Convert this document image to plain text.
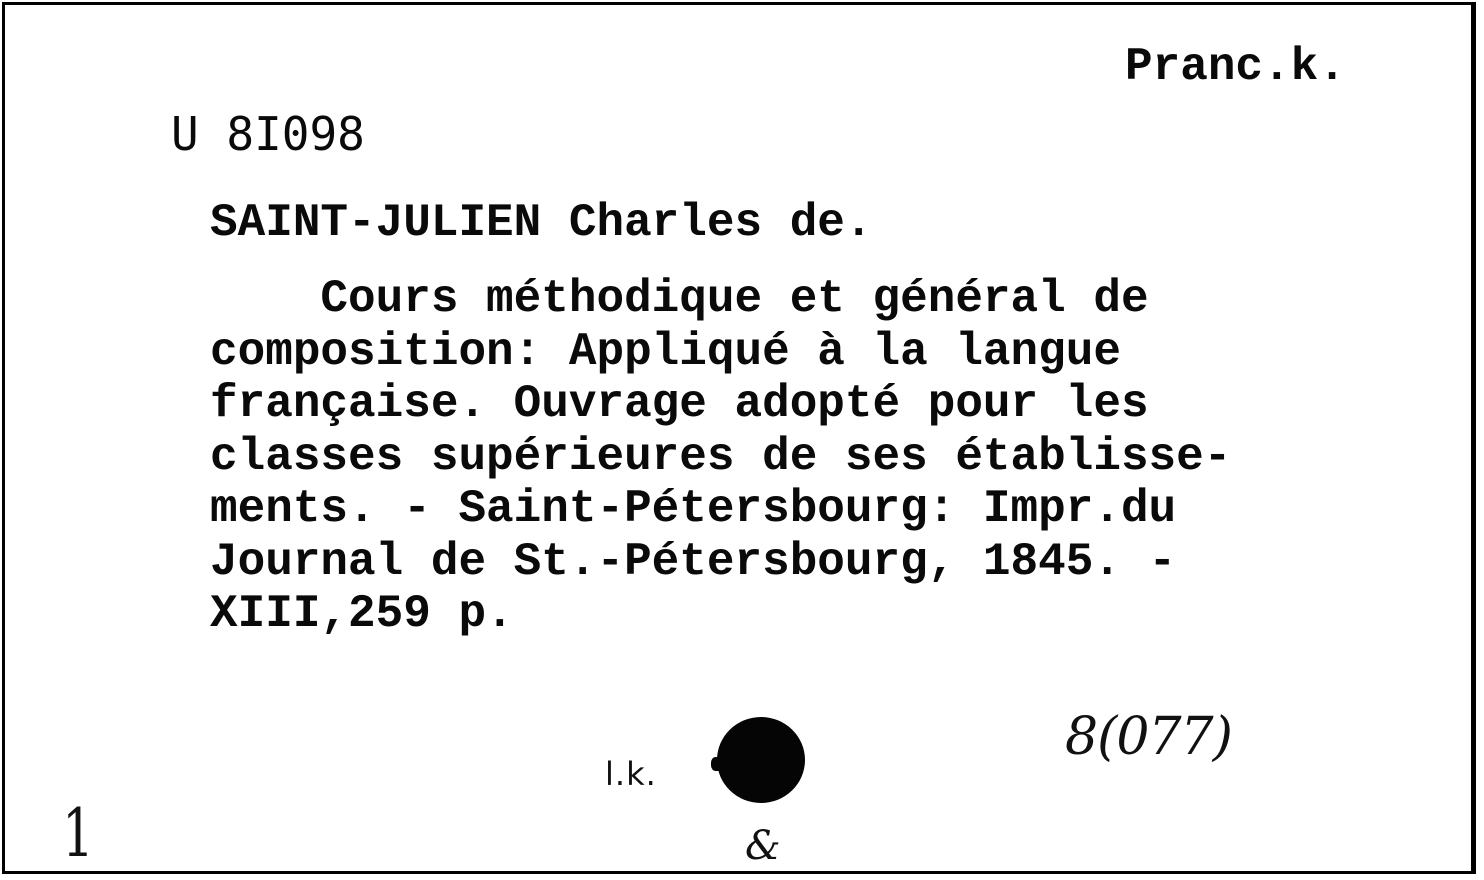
Pranc.k.
U 8I098
SAINT-JULIEN Charles de.
Cours méthodique et général de
composition: Appliqué à la langue
française. Ouvrage adopté pour les
classes supérieures de ses établisse-
ments. - Saint-Pétersbourg: Impr.du
Journal de St.-Pétersbourg, 1845. -
XIII,259 p.
l.k.
8(077)
1	&
